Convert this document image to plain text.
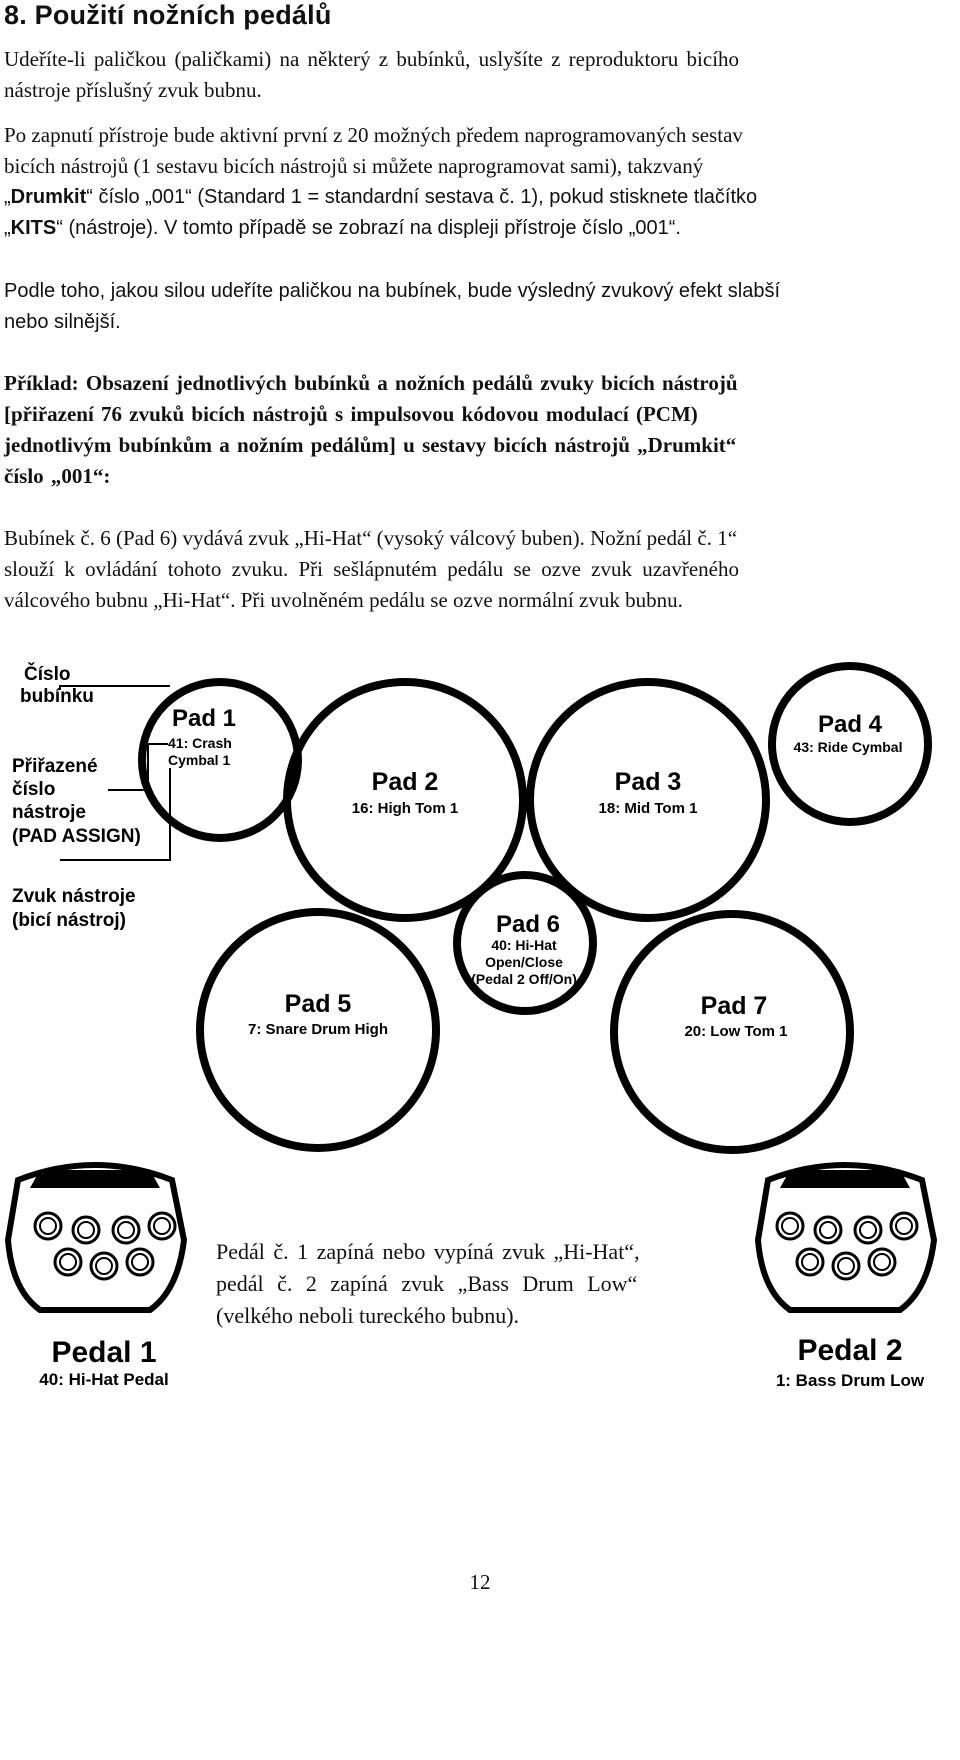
8. Použití nožních pedálů
Udeříte-li paličkou (paličkami) na některý z bubínků, uslyšíte z reproduktoru bicího
nástroje příslušný zvuk bubnu.
Po zapnutí přístroje bude aktivní první z 20 možných předem naprogramovaných sestav
bicích nástrojů (1 sestavu bicích nástrojů si můžete naprogramovat sami), takzvaný
„Drumkit“ číslo „001“ (Standard 1 = standardní sestava č. 1), pokud stisknete tlačítko
„KITS“ (nástroje). V tomto případě se zobrazí na displeji přístroje číslo „001“.
Podle toho, jakou silou udeříte paličkou na bubínek, bude výsledný zvukový efekt slabší
nebo silnější.
Příklad: Obsazení jednotlivých bubínků a nožních pedálů zvuky bicích nástrojů
[přiřazení 76 zvuků bicích nástrojů s impulsovou kódovou modulací (PCM)
jednotlivým bubínkům a nožním pedálům] u sestavy bicích nástrojů „Drumkit“
číslo „001“:
Bubínek č. 6 (Pad 6) vydává zvuk „Hi-Hat“ (vysoký válcový buben). Nožní pedál č. 1“
slouží k ovládání tohoto zvuku. Při sešlápnutém pedálu se ozve zvuk uzavřeného
válcového bubnu „Hi-Hat“. Při uvolněném pedálu se ozve normální zvuk bubnu.
Číslo
bubínku
Přiřazené
číslo
nástroje
(PAD ASSIGN)
Zvuk nástroje
(bicí nástroj)
Pad 1
41: Crash
Cymbal 1
Pad 2
16: High Tom 1
Pad 3
18: Mid Tom 1
Pad 4
43: Ride Cymbal
Pad 6
40: Hi-Hat
Open/Close
(Pedal 2 Off/On)
Pad 5
7: Snare Drum High
Pad 7
20: Low Tom 1
Pedal 1
40: Hi-Hat Pedal
Pedal 2
1: Bass Drum Low
Pedál č. 1 zapíná nebo vypíná zvuk „Hi-Hat“,
pedál č. 2 zapíná zvuk „Bass Drum Low“
(velkého neboli tureckého bubnu).
12
